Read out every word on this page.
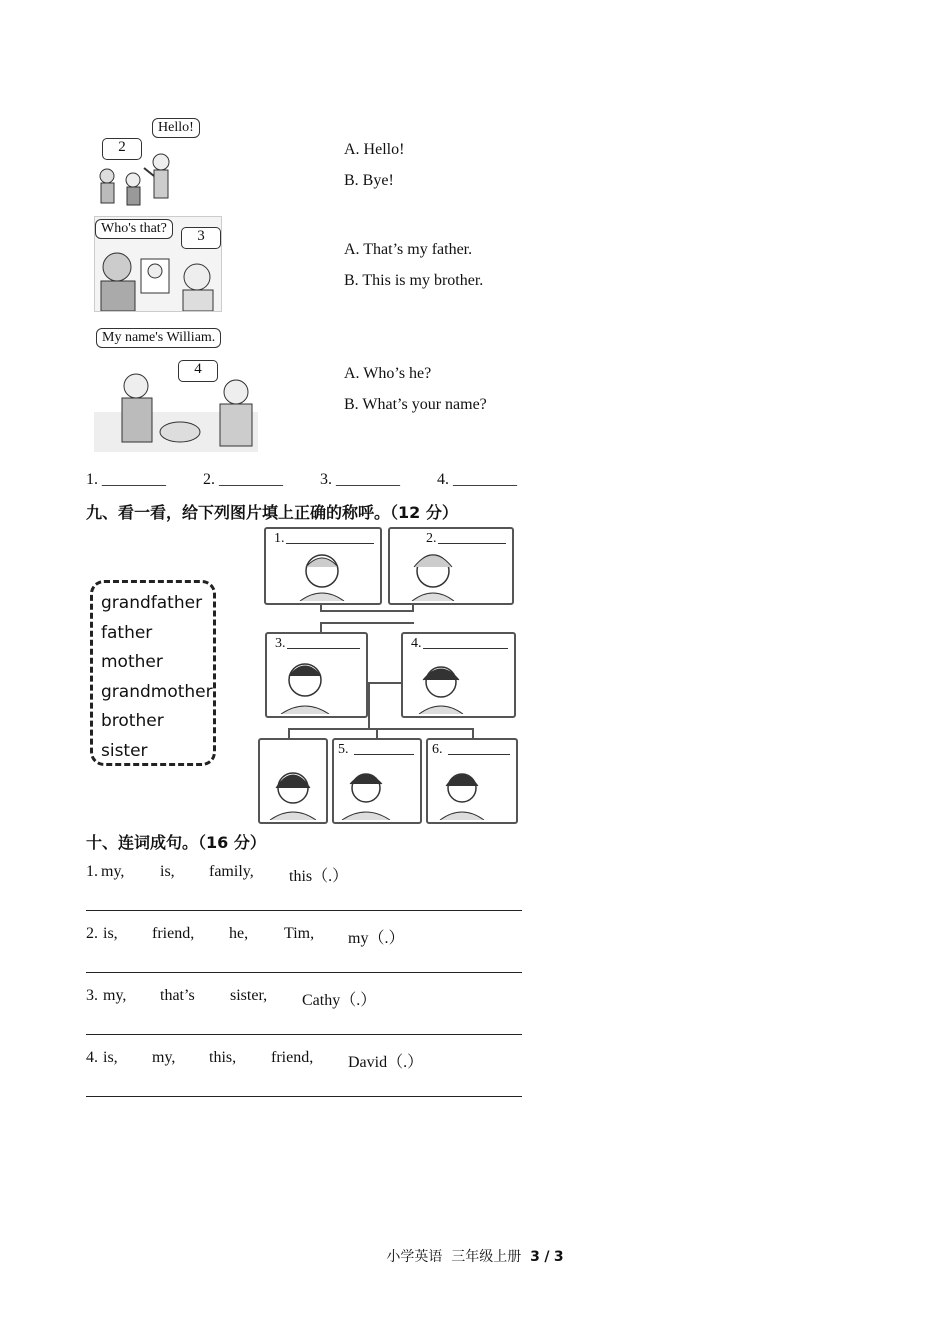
Hello!
2	A. Hello!
B. Bye!
Who's that?	3
A. That’s my father.
B. This is my brother.
My name's William.
4	A. Who’s he?
B. What’s your name?
1. ________ 2. ________ 3. ________ 4. ________
九、看一看，给下列图片填上正确的称呼。（12 分）
grandfather
father
mother
grandmother
brother
sister
1.	2.
3.	4.
5.	6.
十、连词成句。（16 分）
1. my, is, family, this（.）
2. is, friend, he, Tim, my（.）
3. my, that’s sister, Cathy（.）
4. is, my, this, friend, David（.）
小学英语 三年级上册 3 / 3
